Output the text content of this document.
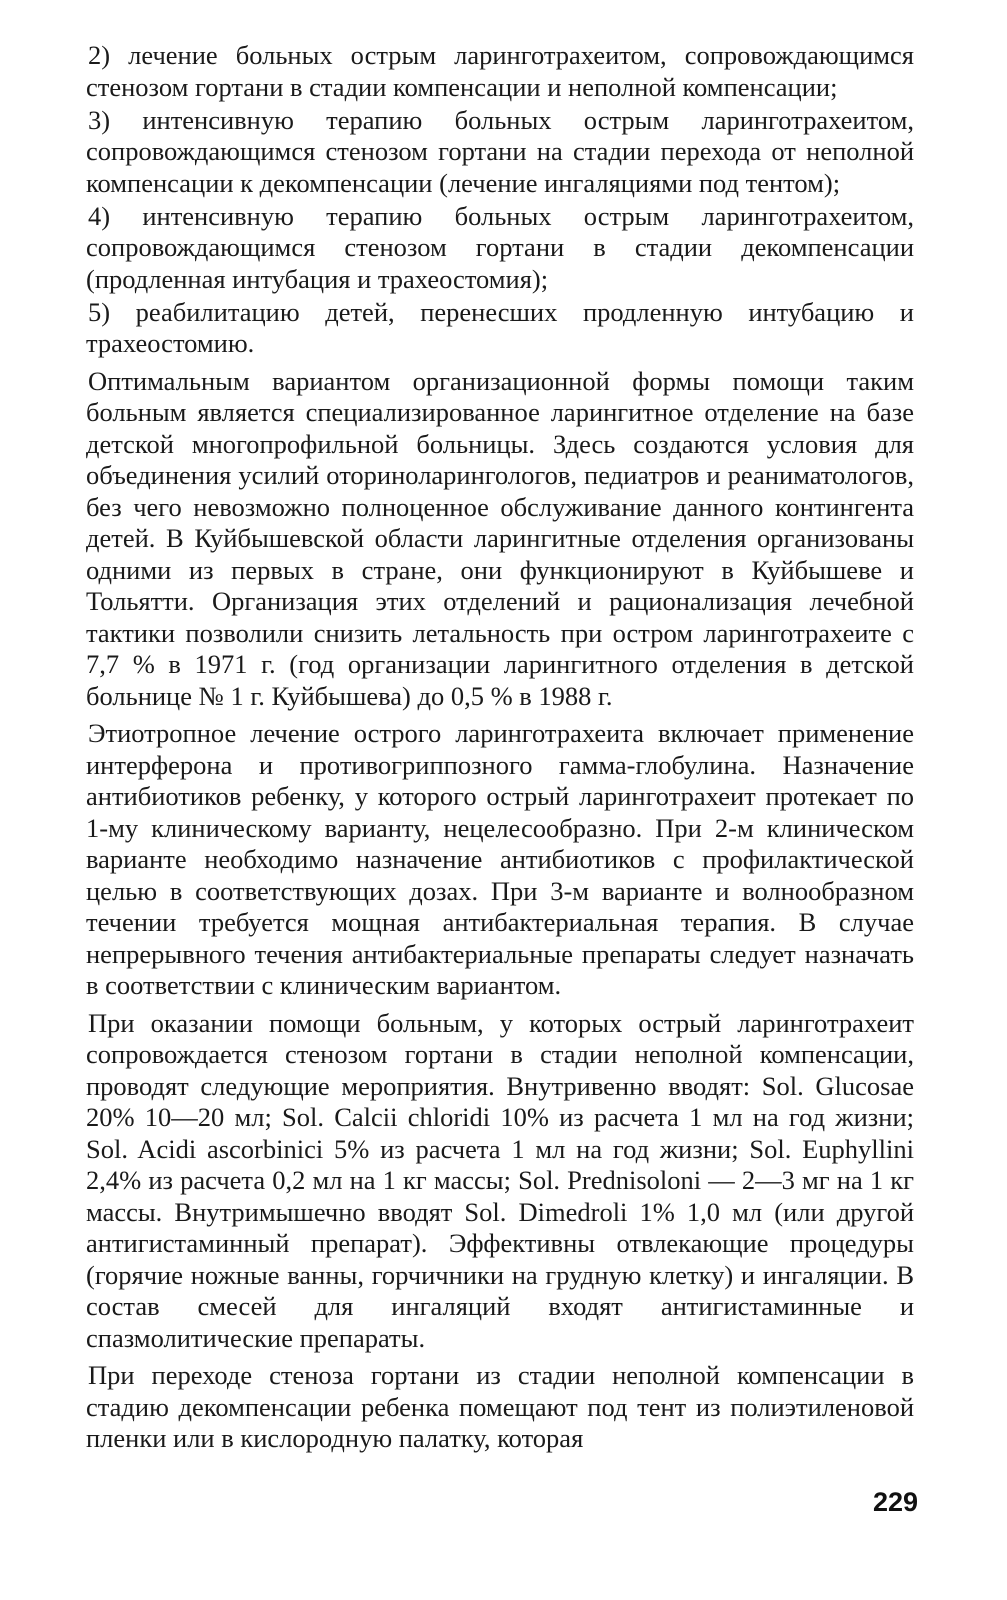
2) лечение больных острым ларинготрахеитом, сопровождающимся стенозом гортани в стадии компенсации и неполной компенсации;

3) интенсивную терапию больных острым ларинготрахеитом, сопровождающимся стенозом гортани на стадии перехода от неполной компенсации к декомпенсации (лечение ингаляциями под тентом);

4) интенсивную терапию больных острым ларинготрахеитом, сопровождающимся стенозом гортани в стадии декомпенсации (продленная интубация и трахеостомия);

5) реабилитацию детей, перенесших продленную интубацию и трахеостомию.

Оптимальным вариантом организационной формы помощи таким больным является специализированное ларингитное отделение на базе детской многопрофильной больницы. Здесь создаются условия для объединения усилий оториноларингологов, педиатров и реаниматологов, без чего невозможно полноценное обслуживание данного контингента детей. В Куйбышевской области ларингитные отделения организованы одними из первых в стране, они функционируют в Куйбышеве и Тольятти. Организация этих отделений и рационализация лечебной тактики позволили снизить летальность при остром ларинготрахеите с 7,7 % в 1971 г. (год организации ларингитного отделения в детской больнице № 1 г. Куйбышева) до 0,5 % в 1988 г.

Этиотропное лечение острого ларинготрахеита включает применение интерферона и противогриппозного гамма-глобулина. Назначение антибиотиков ребенку, у которого острый ларинготрахеит протекает по 1-му клиническому варианту, нецелесообразно. При 2-м клиническом варианте необходимо назначение антибиотиков с профилактической целью в соответствующих дозах. При 3-м варианте и волнообразном течении требуется мощная антибактериальная терапия. В случае непрерывного течения антибактериальные препараты следует назначать в соответствии с клиническим вариантом.

При оказании помощи больным, у которых острый ларинготрахеит сопровождается стенозом гортани в стадии неполной компенсации, проводят следующие мероприятия. Внутривенно вводят: Sol. Glucosae 20% 10—20 мл; Sol. Calcii chloridi 10% из расчета 1 мл на год жизни; Sol. Acidi ascorbinici 5% из расчета 1 мл на год жизни; Sol. Euphyllini 2,4% из расчета 0,2 мл на 1 кг массы; Sol. Prednisoloni — 2—3 мг на 1 кг массы. Внутримышечно вводят Sol. Dimedroli 1% 1,0 мл (или другой антигистаминный препарат). Эффективны отвлекающие процедуры (горячие ножные ванны, горчичники на грудную клетку) и ингаляции. В состав смесей для ингаляций входят антигистаминные и спазмолитические препараты.

При переходе стеноза гортани из стадии неполной компенсации в стадию декомпенсации ребенка помещают под тент из полиэтиленовой пленки или в кислородную палатку, которая

229
